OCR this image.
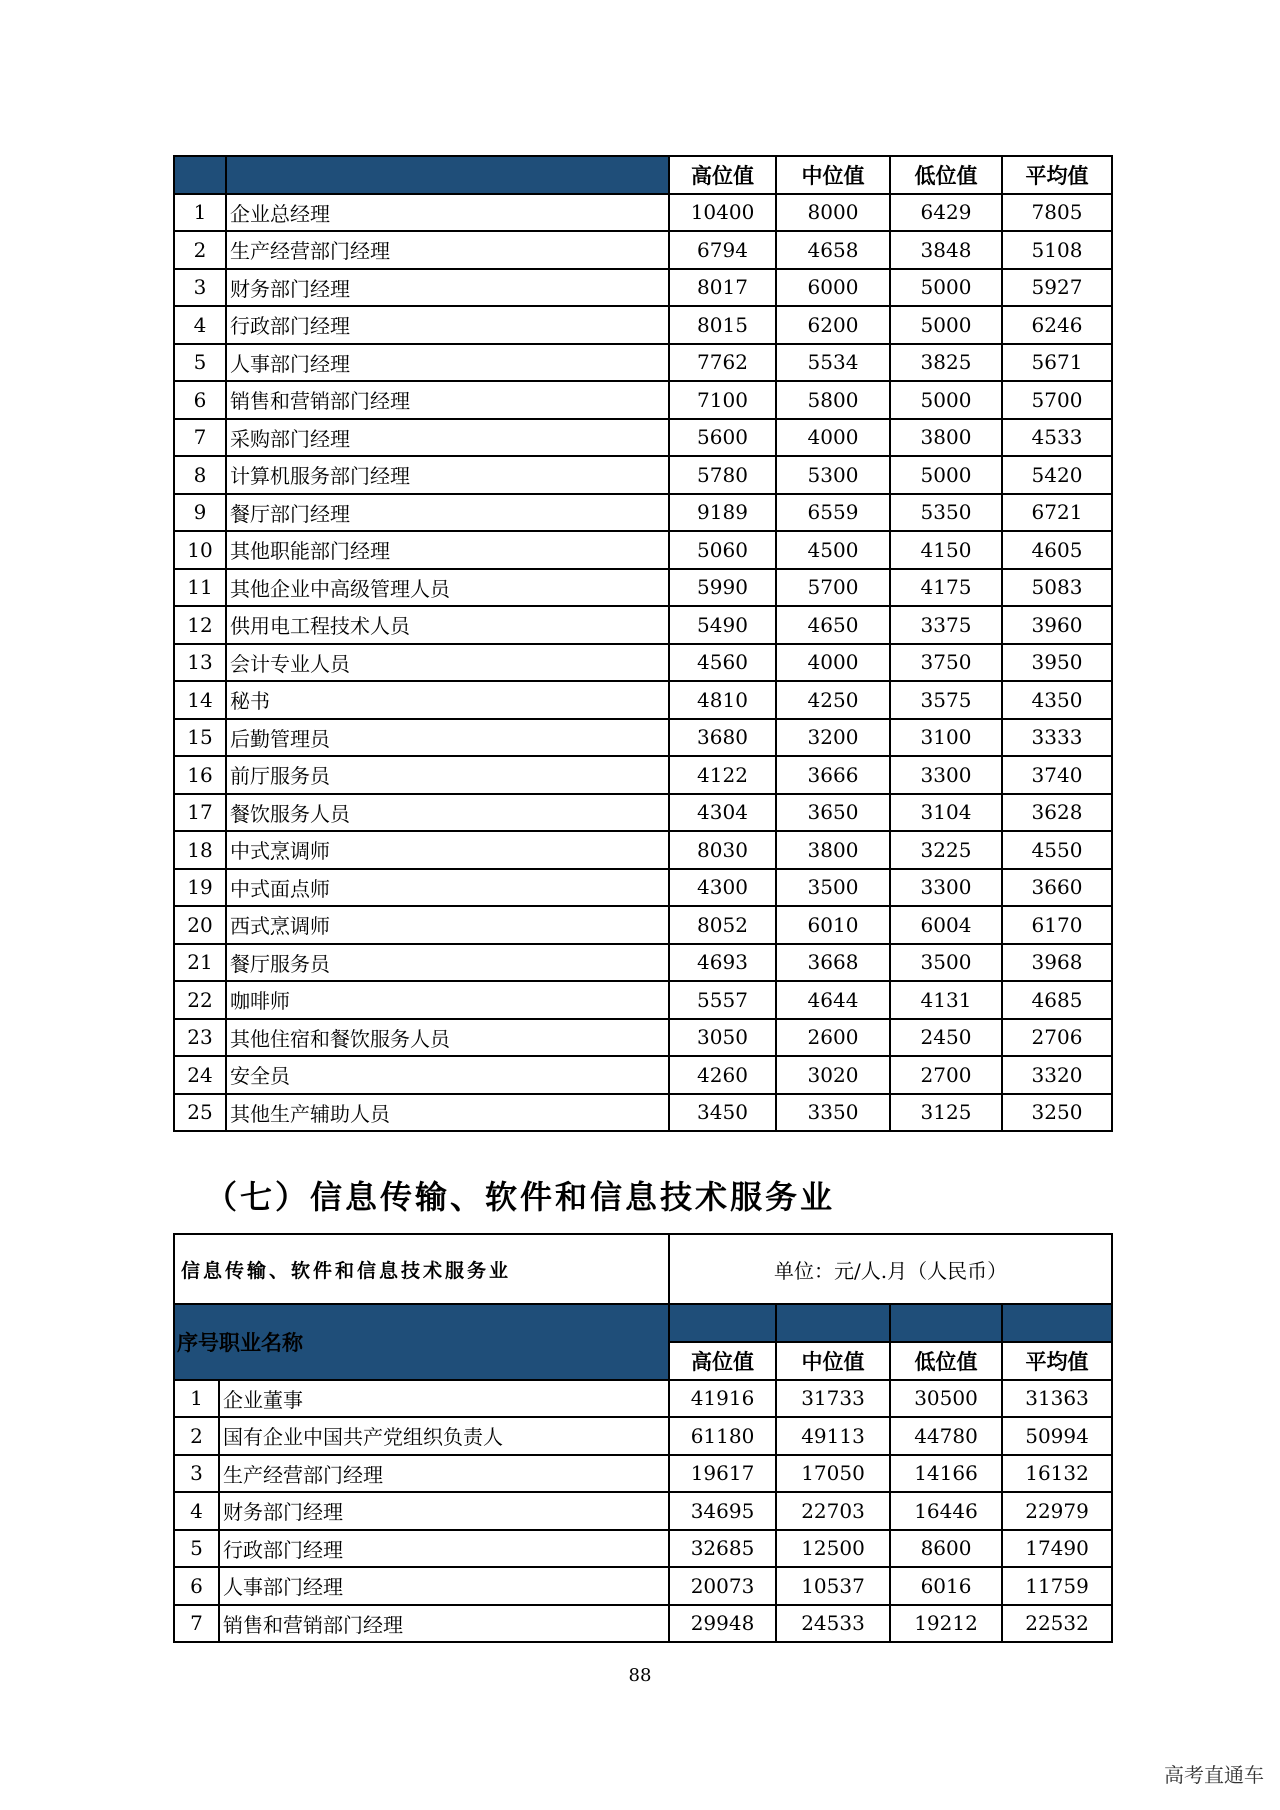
		高位值	中位值	低位值	平均值
1	企业总经理	10400	8000	6429	7805
2	生产经营部门经理	6794	4658	3848	5108
3	财务部门经理	8017	6000	5000	5927
4	行政部门经理	8015	6200	5000	6246
5	人事部门经理	7762	5534	3825	5671
6	销售和营销部门经理	7100	5800	5000	5700
7	采购部门经理	5600	4000	3800	4533
8	计算机服务部门经理	5780	5300	5000	5420
9	餐厅部门经理	9189	6559	5350	6721
10	其他职能部门经理	5060	4500	4150	4605
11	其他企业中高级管理人员	5990	5700	4175	5083
12	供用电工程技术人员	5490	4650	3375	3960
13	会计专业人员	4560	4000	3750	3950
14	秘书	4810	4250	3575	4350
15	后勤管理员	3680	3200	3100	3333
16	前厅服务员	4122	3666	3300	3740
17	餐饮服务人员	4304	3650	3104	3628
18	中式烹调师	8030	3800	3225	4550
19	中式面点师	4300	3500	3300	3660
20	西式烹调师	8052	6010	6004	6170
21	餐厅服务员	4693	3668	3500	3968
22	咖啡师	5557	4644	4131	4685
23	其他住宿和餐饮服务人员	3050	2600	2450	2706
24	安全员	4260	3020	2700	3320
25	其他生产辅助人员	3450	3350	3125	3250
（七）信息传输、软件和信息技术服务业
信息传输、软件和信息技术服务业		单位：元/人.月（人民币）			
序号职业名称					
		高位值	中位值	低位值	平均值
1	企业董事	41916	31733	30500	31363
2	国有企业中国共产党组织负责人	61180	49113	44780	50994
3	生产经营部门经理	19617	17050	14166	16132
4	财务部门经理	34695	22703	16446	22979
5	行政部门经理	32685	12500	8600	17490
6	人事部门经理	20073	10537	6016	11759
7	销售和营销部门经理	29948	24533	19212	22532

88

高考直通车
